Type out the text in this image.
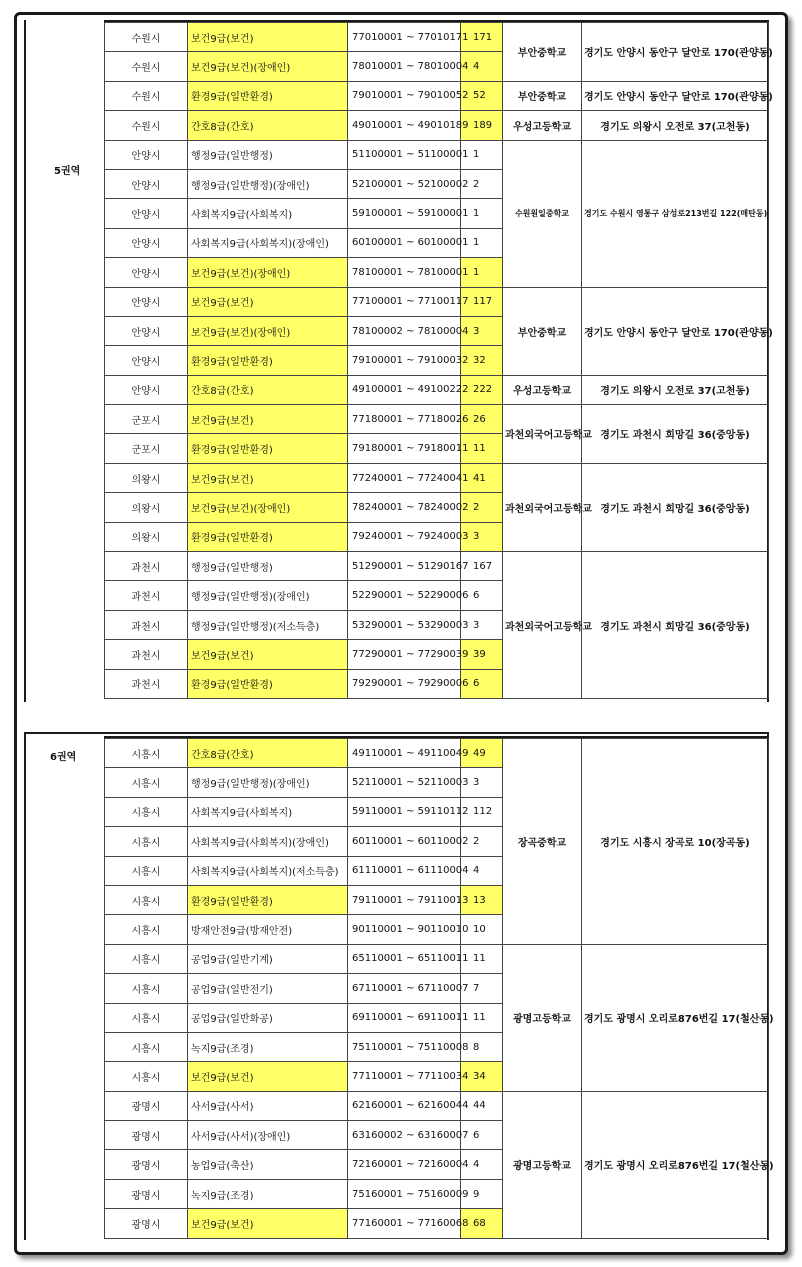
5권역
수원시	보건9급(보건)	77010001 ~ 77010171	171	부안중학교	경기도 안양시 동안구 달안로 170(관양동)
수원시	보건9급(보건)(장애인)	78010001 ~ 78010004	4		
수원시	환경9급(일반환경)	79010001 ~ 79010052	52	부안중학교	경기도 안양시 동안구 달안로 170(관양동)
수원시	간호8급(간호)	49010001 ~ 49010189	189	우성고등학교	경기도 의왕시 오전로 37(고천동)
안양시	행정9급(일반행정)	51100001 ~ 51100001	1	수원원일중학교	경기도 수원시 영통구 삼성로213번길 122(매탄동)
안양시	행정9급(일반행정)(장애인)	52100001 ~ 52100002	2		
안양시	사회복지9급(사회복지)	59100001 ~ 59100001	1		
안양시	사회복지9급(사회복지)(장애인)	60100001 ~ 60100001	1		
안양시	보건9급(보건)(장애인)	78100001 ~ 78100001	1		
안양시	보건9급(보건)	77100001 ~ 77100117	117	부안중학교	경기도 안양시 동안구 달안로 170(관양동)
안양시	보건9급(보건)(장애인)	78100002 ~ 78100004	3		
안양시	환경9급(일반환경)	79100001 ~ 79100032	32		
안양시	간호8급(간호)	49100001 ~ 49100222	222	우성고등학교	경기도 의왕시 오전로 37(고천동)
군포시	보건9급(보건)	77180001 ~ 77180026	26	과천외국어고등학교	경기도 과천시 희망길 36(중앙동)
군포시	환경9급(일반환경)	79180001 ~ 79180011	11		
의왕시	보건9급(보건)	77240001 ~ 77240041	41	과천외국어고등학교	경기도 과천시 희망길 36(중앙동)
의왕시	보건9급(보건)(장애인)	78240001 ~ 78240002	2		
의왕시	환경9급(일반환경)	79240001 ~ 79240003	3		
과천시	행정9급(일반행정)	51290001 ~ 51290167	167	과천외국어고등학교	경기도 과천시 희망길 36(중앙동)
과천시	행정9급(일반행정)(장애인)	52290001 ~ 52290006	6		
과천시	행정9급(일반행정)(저소득층)	53290001 ~ 53290003	3		
과천시	보건9급(보건)	77290001 ~ 77290039	39		
과천시	환경9급(일반환경)	79290001 ~ 79290006	6		
6권역	시흥시	간호8급(간호)	49110001 ~ 49110049	49	장곡중학교	경기도 시흥시 장곡로 10(장곡동)
시흥시	행정9급(일반행정)(장애인)	52110001 ~ 52110003	3		
시흥시	사회복지9급(사회복지)	59110001 ~ 59110112	112		
시흥시	사회복지9급(사회복지)(장애인)	60110001 ~ 60110002	2		
시흥시	사회복지9급(사회복지)(저소득층)	61110001 ~ 61110004	4		
시흥시	환경9급(일반환경)	79110001 ~ 79110013	13		
시흥시	방재안전9급(방재안전)	90110001 ~ 90110010	10		
시흥시	공업9급(일반기계)	65110001 ~ 65110011	11	광명고등학교	경기도 광명시 오리로876번길 17(철산동)
시흥시	공업9급(일반전기)	67110001 ~ 67110007	7		
시흥시	공업9급(일반화공)	69110001 ~ 69110011	11		
시흥시	녹지9급(조경)	75110001 ~ 75110008	8		
시흥시	보건9급(보건)	77110001 ~ 77110034	34		
광명시	사서9급(사서)	62160001 ~ 62160044	44	광명고등학교	경기도 광명시 오리로876번길 17(철산동)
광명시	사서9급(사서)(장애인)	63160002 ~ 63160007	6		
광명시	농업9급(축산)	72160001 ~ 72160004	4		
광명시	녹지9급(조경)	75160001 ~ 75160009	9		
광명시	보건9급(보건)	77160001 ~ 77160068	68		
